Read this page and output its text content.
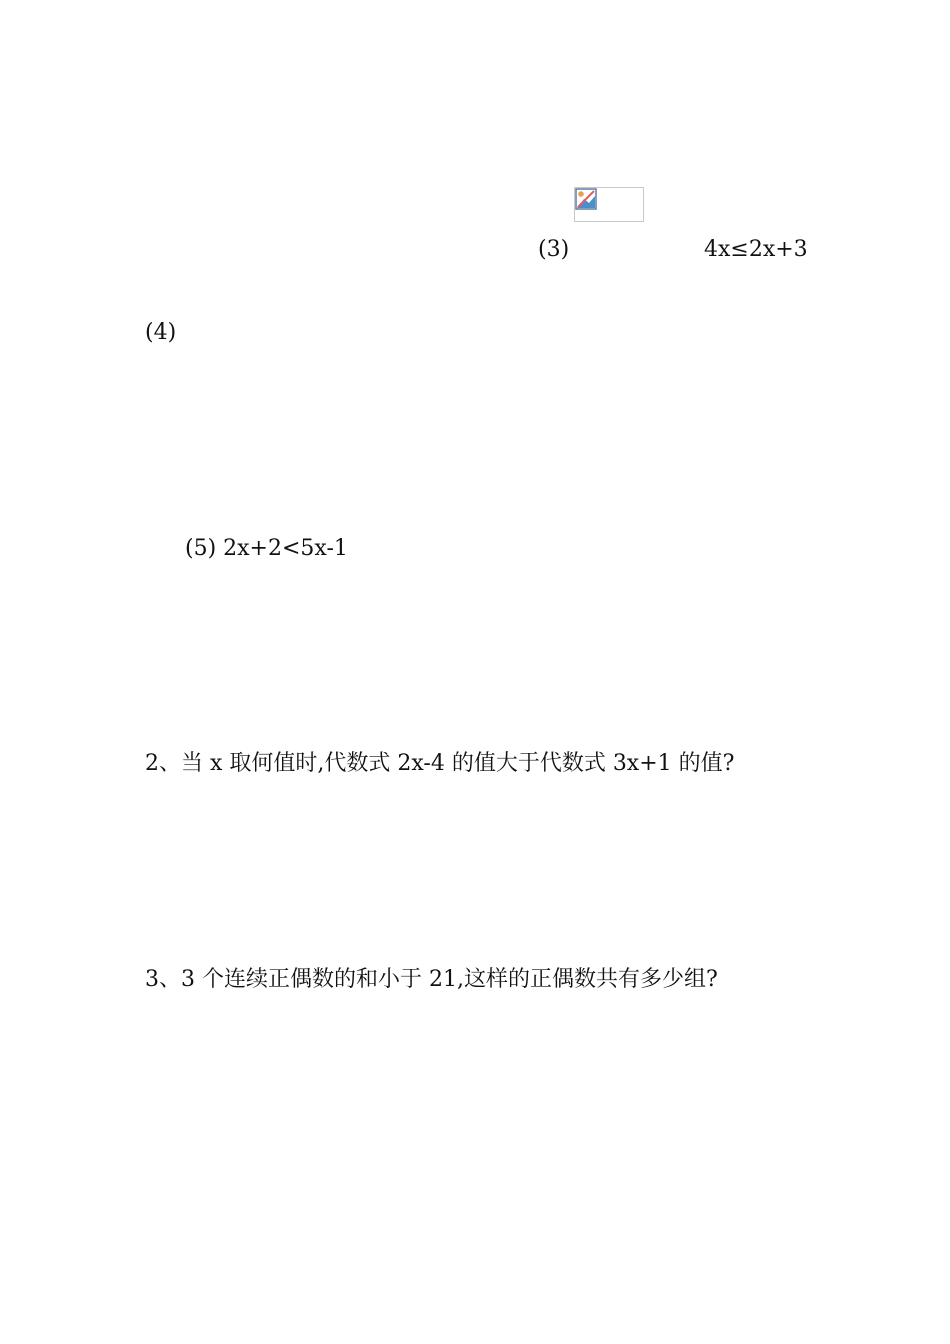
(3)	4x≤2x+3
(4)
(5) 2x+2<5x-1
2、当 x 取何值时,代数式 2x-4 的值大于代数式 3x+1 的值?
3、3 个连续正偶数的和小于 21,这样的正偶数共有多少组?
